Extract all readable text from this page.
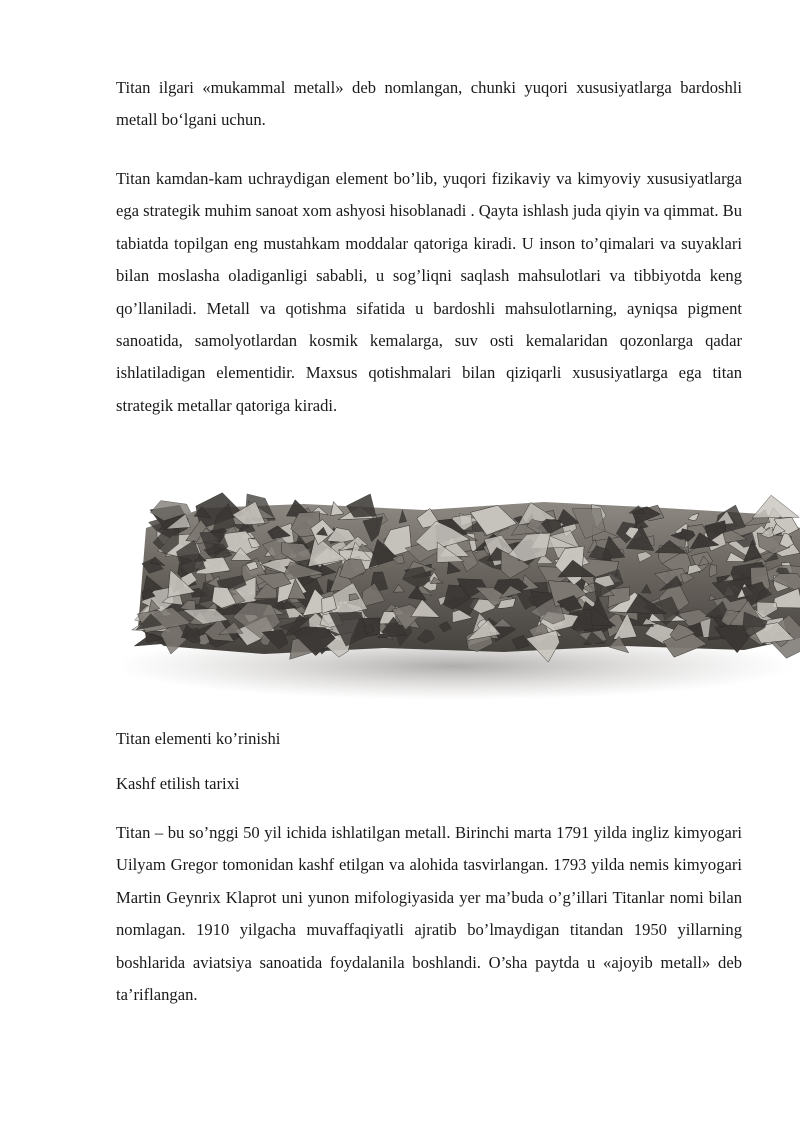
Titan ilgari «mukammal metall» deb nomlangan, chunki yuqori xususiyatlarga bardoshli metall boʻlgani uchun.

Titan kamdan-kam uchraydigan element bo’lib, yuqori fizikaviy va kimyoviy xususiyatlarga ega strategik muhim sanoat xom ashyosi hisoblanadi . Qayta ishlash juda qiyin va qimmat. Bu tabiatda topilgan eng mustahkam moddalar qatoriga kiradi. U inson to’qimalari va suyaklari bilan moslasha oladiganligi sababli, u sog’liqni saqlash mahsulotlari va tibbiyotda keng qo’llaniladi. Metall va qotishma sifatida u bardoshli mahsulotlarning, ayniqsa pigment sanoatida, samolyotlardan kosmik kemalarga, suv osti kemalaridan qozonlarga qadar ishlatiladigan elementidir. Maxsus qotishmalari bilan qiziqarli xususiyatlarga ega titan strategik metallar qatoriga kiradi.

Titan elementi ko’rinishi

Kashf etilish tarixi

Titan – bu so’nggi 50 yil ichida ishlatilgan metall. Birinchi marta 1791 yilda ingliz kimyogari Uilyam Gregor tomonidan kashf etilgan va alohida tasvirlangan. 1793 yilda nemis kimyogari Martin Geynrix Klaprot uni yunon mifologiyasida yer ma’buda o’g’illari Titanlar nomi bilan nomlagan. 1910 yilgacha muvaffaqiyatli ajratib bo’lmaydigan titandan 1950 yillarning boshlarida aviatsiya sanoatida foydalanila boshlandi. O’sha paytda u «ajoyib metall» deb ta’riflangan.
